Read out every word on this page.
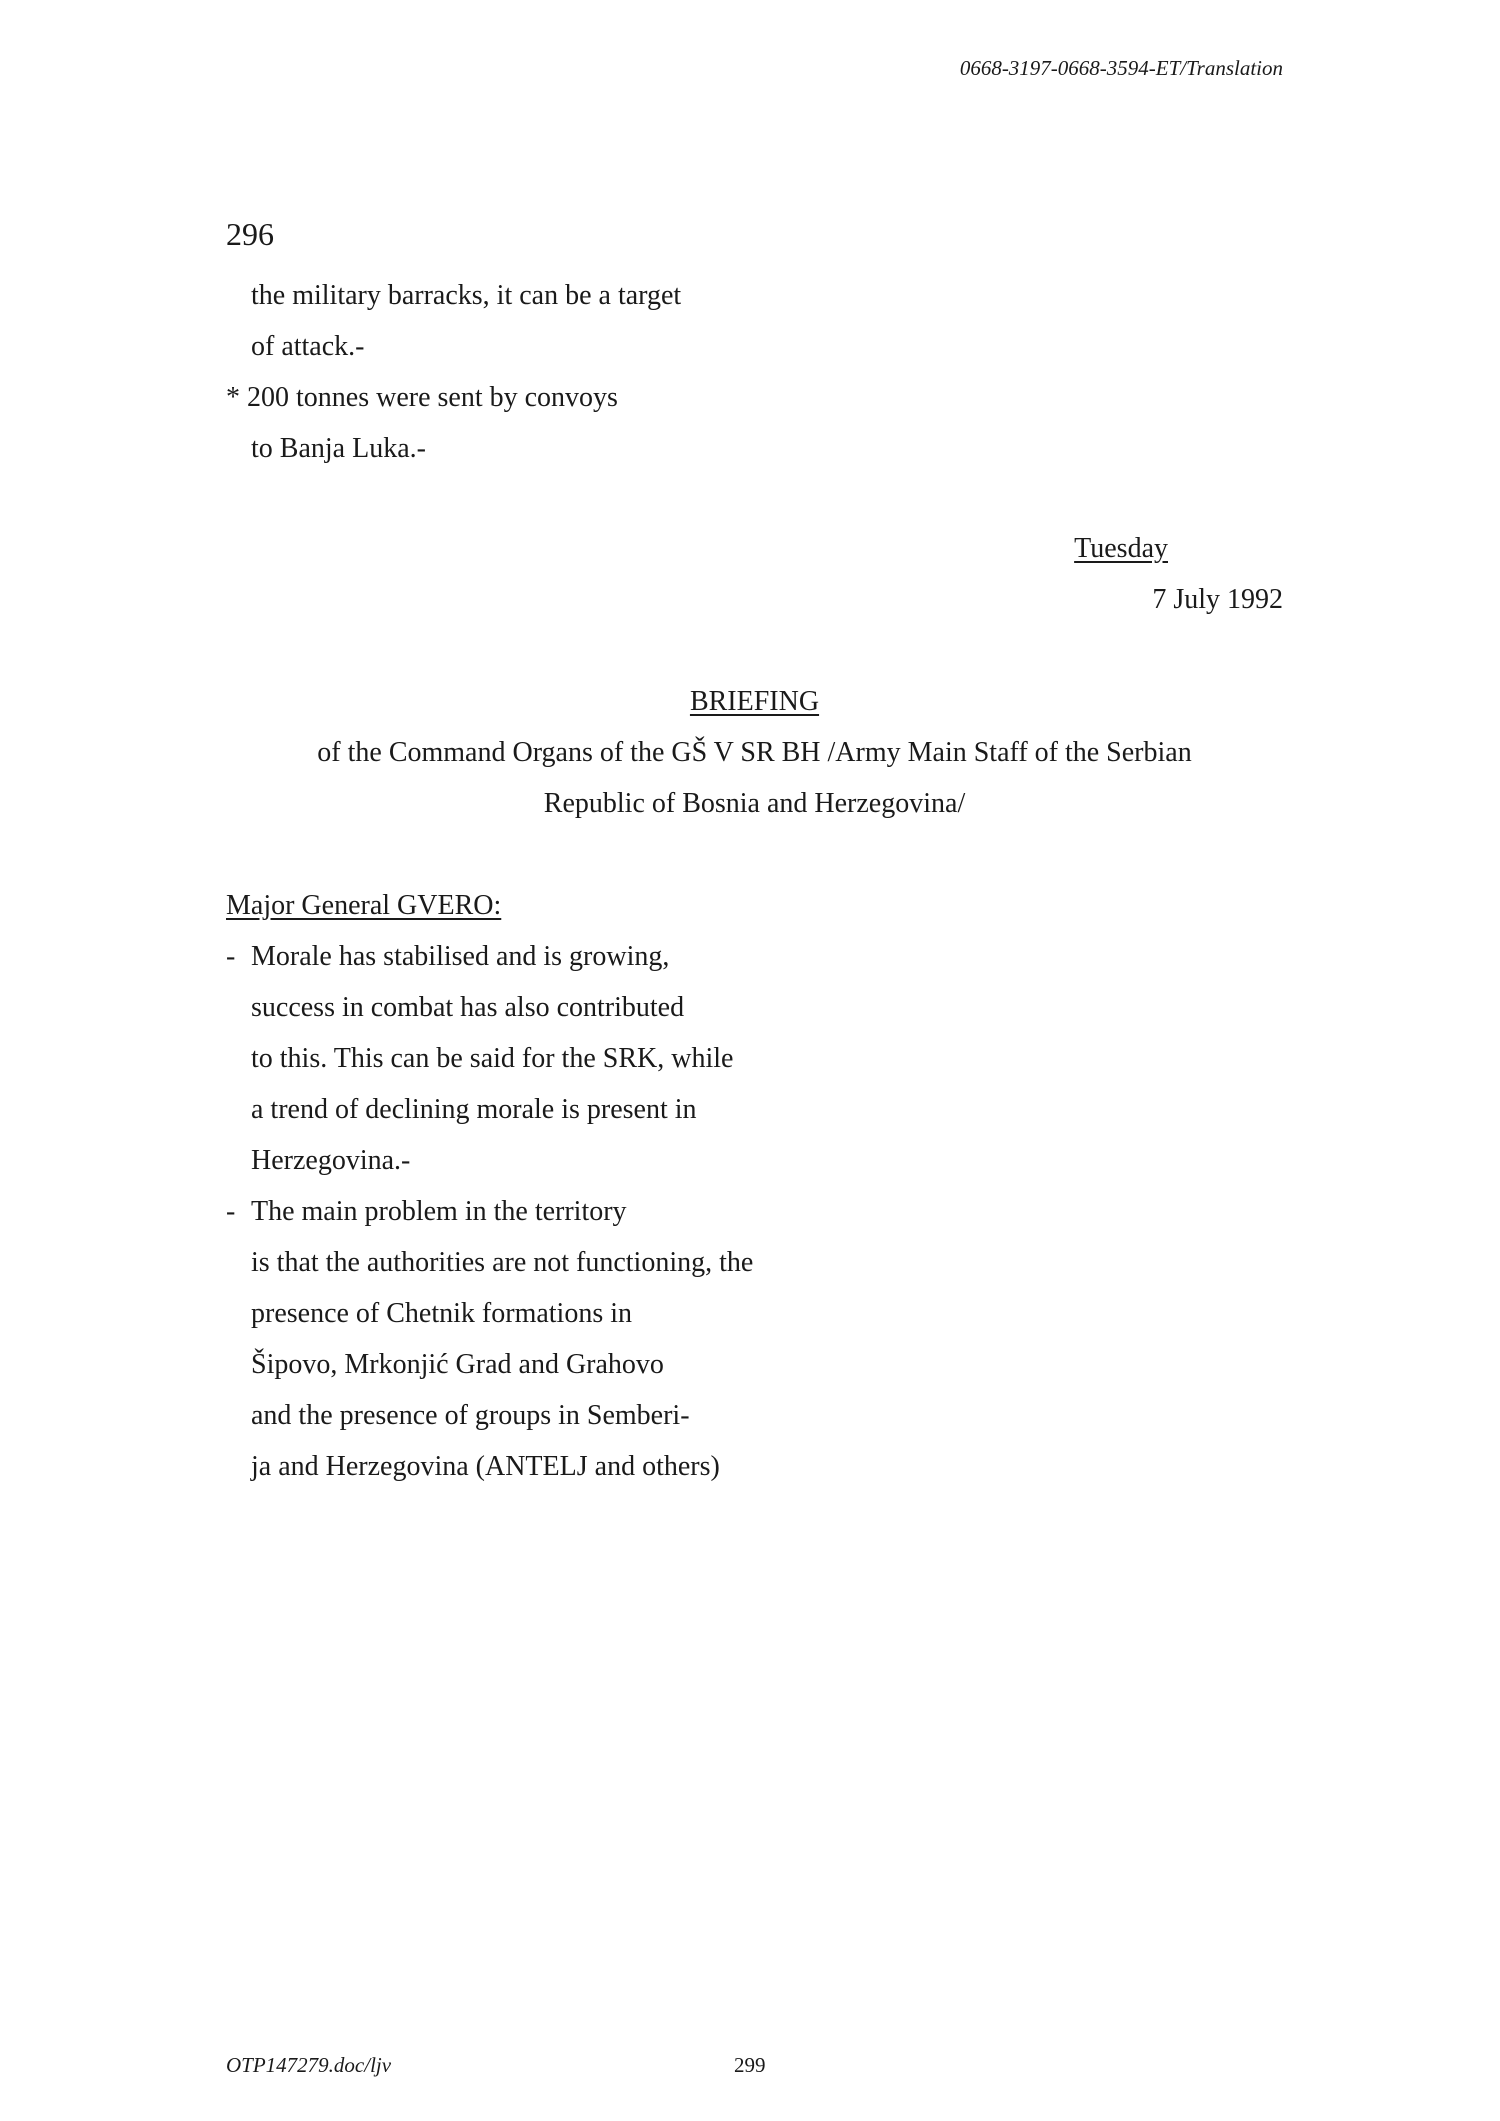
0668-3197-0668-3594-ET/Translation
296
the military barracks, it can be a target
of attack.-
* 200 tonnes were sent by convoys
to Banja Luka.-
Tuesday
7 July 1992
BRIEFING
of the Command Organs of the GŠ V SR BH /Army Main Staff of the Serbian
Republic of Bosnia and Herzegovina/
Major General GVERO:
- Morale has stabilised and is growing,
success in combat has also contributed
to this. This can be said for the SRK, while
a trend of declining morale is present in
Herzegovina.-
- The main problem in the territory
is that the authorities are not functioning, the
presence of Chetnik formations in
Šipovo, Mrkonjić Grad and Grahovo
and the presence of groups in Semberi-
ja and Herzegovina (ANTELJ and others)
OTP147279.doc/ljv	299
